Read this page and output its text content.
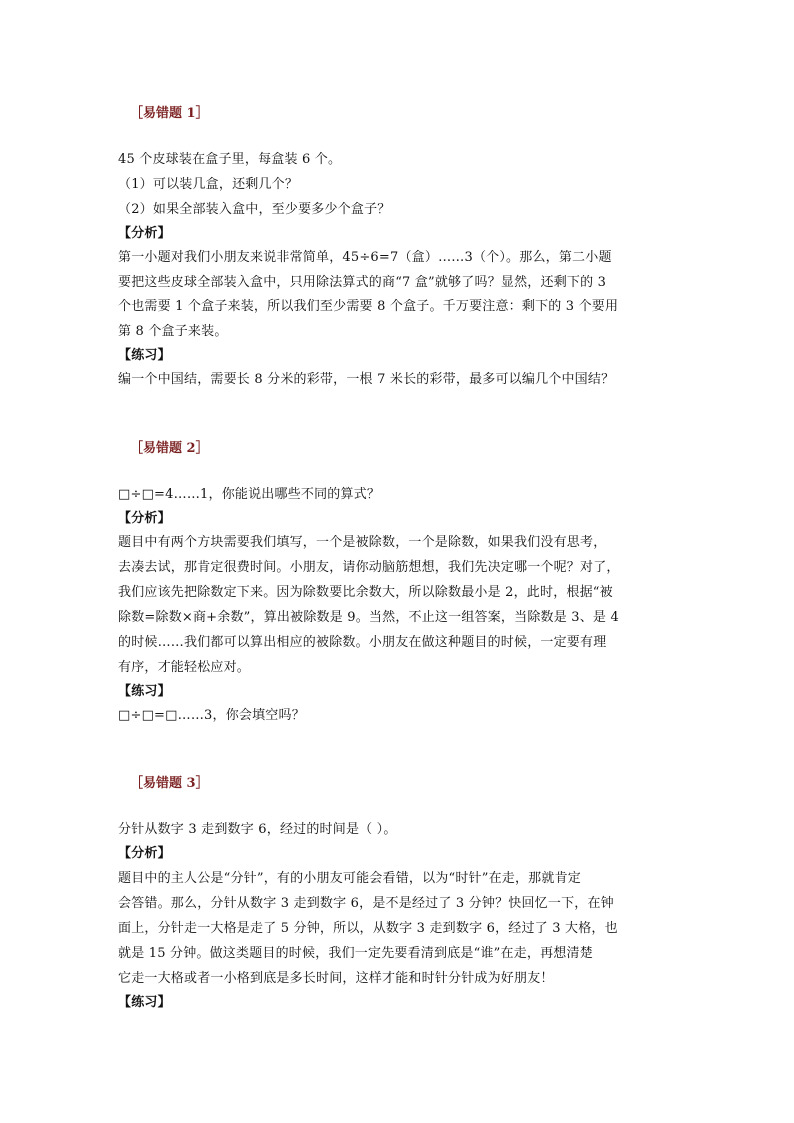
［易错题 1］
45 个皮球装在盒子里，每盒装 6 个。
（1）可以装几盒，还剩几个？
（2）如果全部装入盒中，至少要多少个盒子？
【分析】
第一小题对我们小朋友来说非常简单，45÷6=7（盒）……3（个）。那么，第二小题
要把这些皮球全部装入盒中，只用除法算式的商“7 盒”就够了吗？显然，还剩下的 3
个也需要 1 个盒子来装，所以我们至少需要 8 个盒子。千万要注意：剩下的 3 个要用
第 8 个盒子来装。
【练习】
编一个中国结，需要长 8 分米的彩带，一根 7 米长的彩带，最多可以编几个中国结？
［易错题 2］
□÷□=4……1，你能说出哪些不同的算式？
【分析】
题目中有两个方块需要我们填写，一个是被除数，一个是除数，如果我们没有思考，
去凑去试，那肯定很费时间。小朋友，请你动脑筋想想，我们先决定哪一个呢？对了，
我们应该先把除数定下来。因为除数要比余数大，所以除数最小是 2，此时，根据“被
除数=除数×商+余数”，算出被除数是 9。当然，不止这一组答案，当除数是 3、是 4
的时候……我们都可以算出相应的被除数。小朋友在做这种题目的时候，一定要有理
有序，才能轻松应对。
【练习】
□÷□=□……3，你会填空吗？
［易错题 3］
分针从数字 3 走到数字 6，经过的时间是（ ）。
【分析】
题目中的主人公是“分针”，有的小朋友可能会看错，以为“时针”在走，那就肯定
会答错。那么，分针从数字 3 走到数字 6，是不是经过了 3 分钟？快回忆一下，在钟
面上，分针走一大格是走了 5 分钟，所以，从数字 3 走到数字 6，经过了 3 大格，也
就是 15 分钟。做这类题目的时候，我们一定先要看清到底是“谁”在走，再想清楚
它走一大格或者一小格到底是多长时间，这样才能和时针分针成为好朋友！
【练习】
